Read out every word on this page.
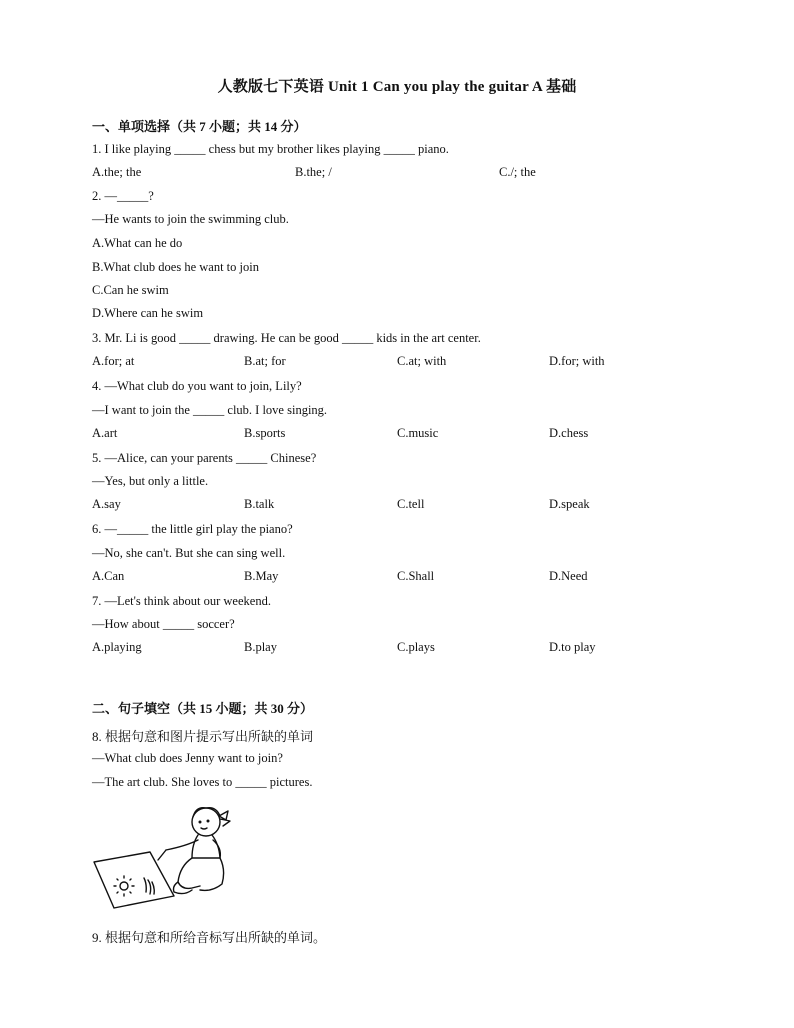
人教版七下英语 Unit 1 Can you play the guitar A 基础
一、单项选择（共 7 小题；共 14 分）
1. I like playing _____ chess but my brother likes playing _____ piano.
A.the; the	B.the; /	C./; the
2. —_____?
—He wants to join the swimming club.
A.What can he do
B.What club does he want to join
C.Can he swim
D.Where can he swim
3. Mr. Li is good _____ drawing. He can be good _____ kids in the art center.
A.for; at	B.at; for	C.at; with	D.for; with
4. —What club do you want to join, Lily?
—I want to join the _____ club. I love singing.
A.art	B.sports	C.music	D.chess
5. —Alice, can your parents _____ Chinese?
—Yes, but only a little.
A.say	B.talk	C.tell	D.speak
6. —_____ the little girl play the piano?
—No, she can't. But she can sing well.
A.Can	B.May	C.Shall	D.Need
7. —Let's think about our weekend.
—How about _____ soccer?
A.playing	B.play	C.plays	D.to play
二、句子填空（共 15 小题；共 30 分）
8. 根据句意和图片提示写出所缺的单词
—What club does Jenny want to join?
—The art club. She loves to _____ pictures.
9. 根据句意和所给音标写出所缺的单词。
